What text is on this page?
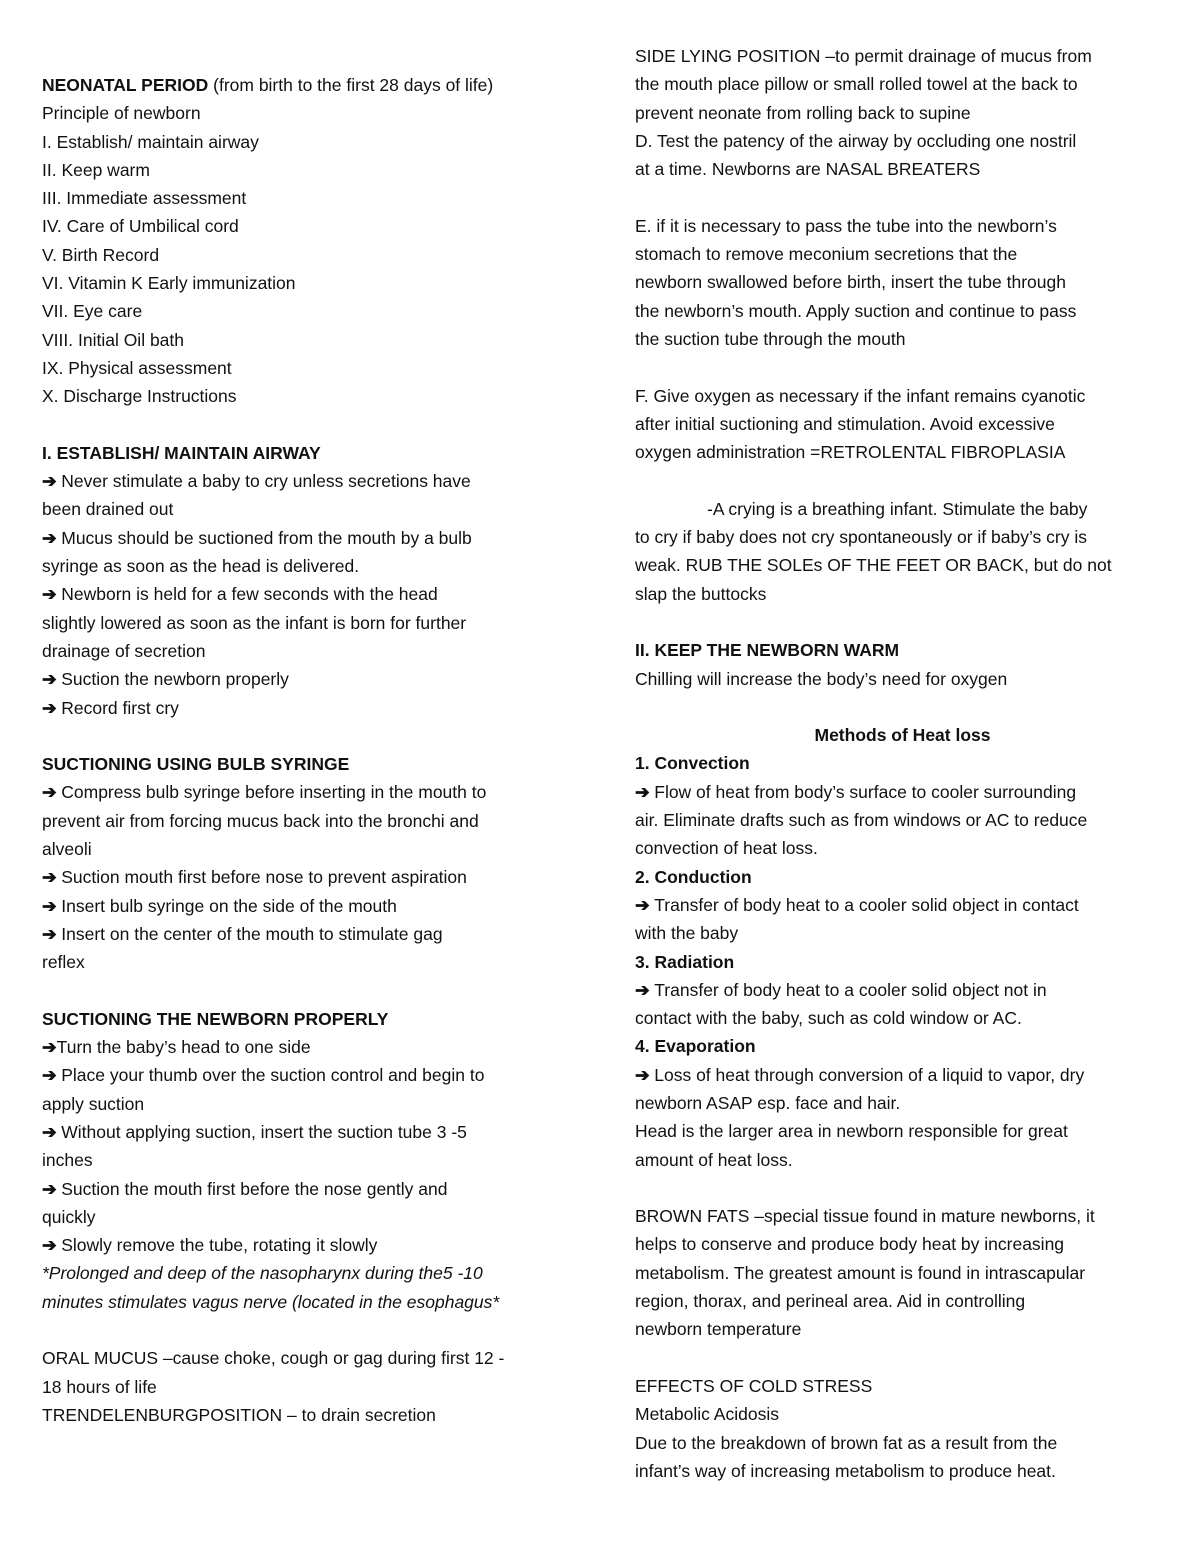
NEONATAL PERIOD (from birth to the first 28 days of life)
Principle of newborn
I. Establish/ maintain airway
II. Keep warm
III. Immediate assessment
IV. Care of Umbilical cord
V. Birth Record
VI. Vitamin K Early immunization
VII. Eye care
VIII. Initial Oil bath
IX. Physical assessment
X. Discharge Instructions
I. ESTABLISH/ MAINTAIN AIRWAY
➔ Never stimulate a baby to cry unless secretions have
been drained out
➔ Mucus should be suctioned from the mouth by a bulb
syringe as soon as the head is delivered.
➔ Newborn is held for a few seconds with the head
slightly lowered as soon as the infant is born for further
drainage of secretion
➔ Suction the newborn properly
➔ Record first cry
SUCTIONING USING BULB SYRINGE
➔ Compress bulb syringe before inserting in the mouth to
prevent air from forcing mucus back into the bronchi and
alveoli
➔ Suction mouth first before nose to prevent aspiration
➔ Insert bulb syringe on the side of the mouth
➔ Insert on the center of the mouth to stimulate gag
reflex
SUCTIONING THE NEWBORN PROPERLY
➔Turn the baby’s head to one side
➔ Place your thumb over the suction control and begin to
apply suction
➔ Without applying suction, insert the suction tube 3 -5
inches
➔ Suction the mouth first before the nose gently and
quickly
➔ Slowly remove the tube, rotating it slowly
*Prolonged and deep of the nasopharynx during the5 -10
minutes stimulates vagus nerve (located in the esophagus*
ORAL MUCUS –cause choke, cough or gag during first 12 -
18 hours of life
TRENDELENBURGPOSITION – to drain secretion
SIDE LYING POSITION –to permit drainage of mucus from
the mouth place pillow or small rolled towel at the back to
prevent neonate from rolling back to supine
D. Test the patency of the airway by occluding one nostril
at a time. Newborns are NASAL BREATERS
E. if it is necessary to pass the tube into the newborn’s
stomach to remove meconium secretions that the
newborn swallowed before birth, insert the tube through
the newborn’s mouth. Apply suction and continue to pass
the suction tube through the mouth
F. Give oxygen as necessary if the infant remains cyanotic
after initial suctioning and stimulation. Avoid excessive
oxygen administration =RETROLENTAL FIBROPLASIA
-A crying is a breathing infant. Stimulate the baby
to cry if baby does not cry spontaneously or if baby’s cry is
weak. RUB THE SOLEs OF THE FEET OR BACK, but do not
slap the buttocks
II. KEEP THE NEWBORN WARM
Chilling will increase the body’s need for oxygen
Methods of Heat loss
1. Convection
➔ Flow of heat from body’s surface to cooler surrounding
air. Eliminate drafts such as from windows or AC to reduce
convection of heat loss.
2. Conduction
➔ Transfer of body heat to a cooler solid object in contact
with the baby
3. Radiation
➔ Transfer of body heat to a cooler solid object not in
contact with the baby, such as cold window or AC.
4. Evaporation
➔ Loss of heat through conversion of a liquid to vapor, dry
newborn ASAP esp. face and hair.
Head is the larger area in newborn responsible for great
amount of heat loss.
BROWN FATS –special tissue found in mature newborns, it
helps to conserve and produce body heat by increasing
metabolism. The greatest amount is found in intrascapular
region, thorax, and perineal area. Aid in controlling
newborn temperature
EFFECTS OF COLD STRESS
Metabolic Acidosis
Due to the breakdown of brown fat as a result from the
infant’s way of increasing metabolism to produce heat.
